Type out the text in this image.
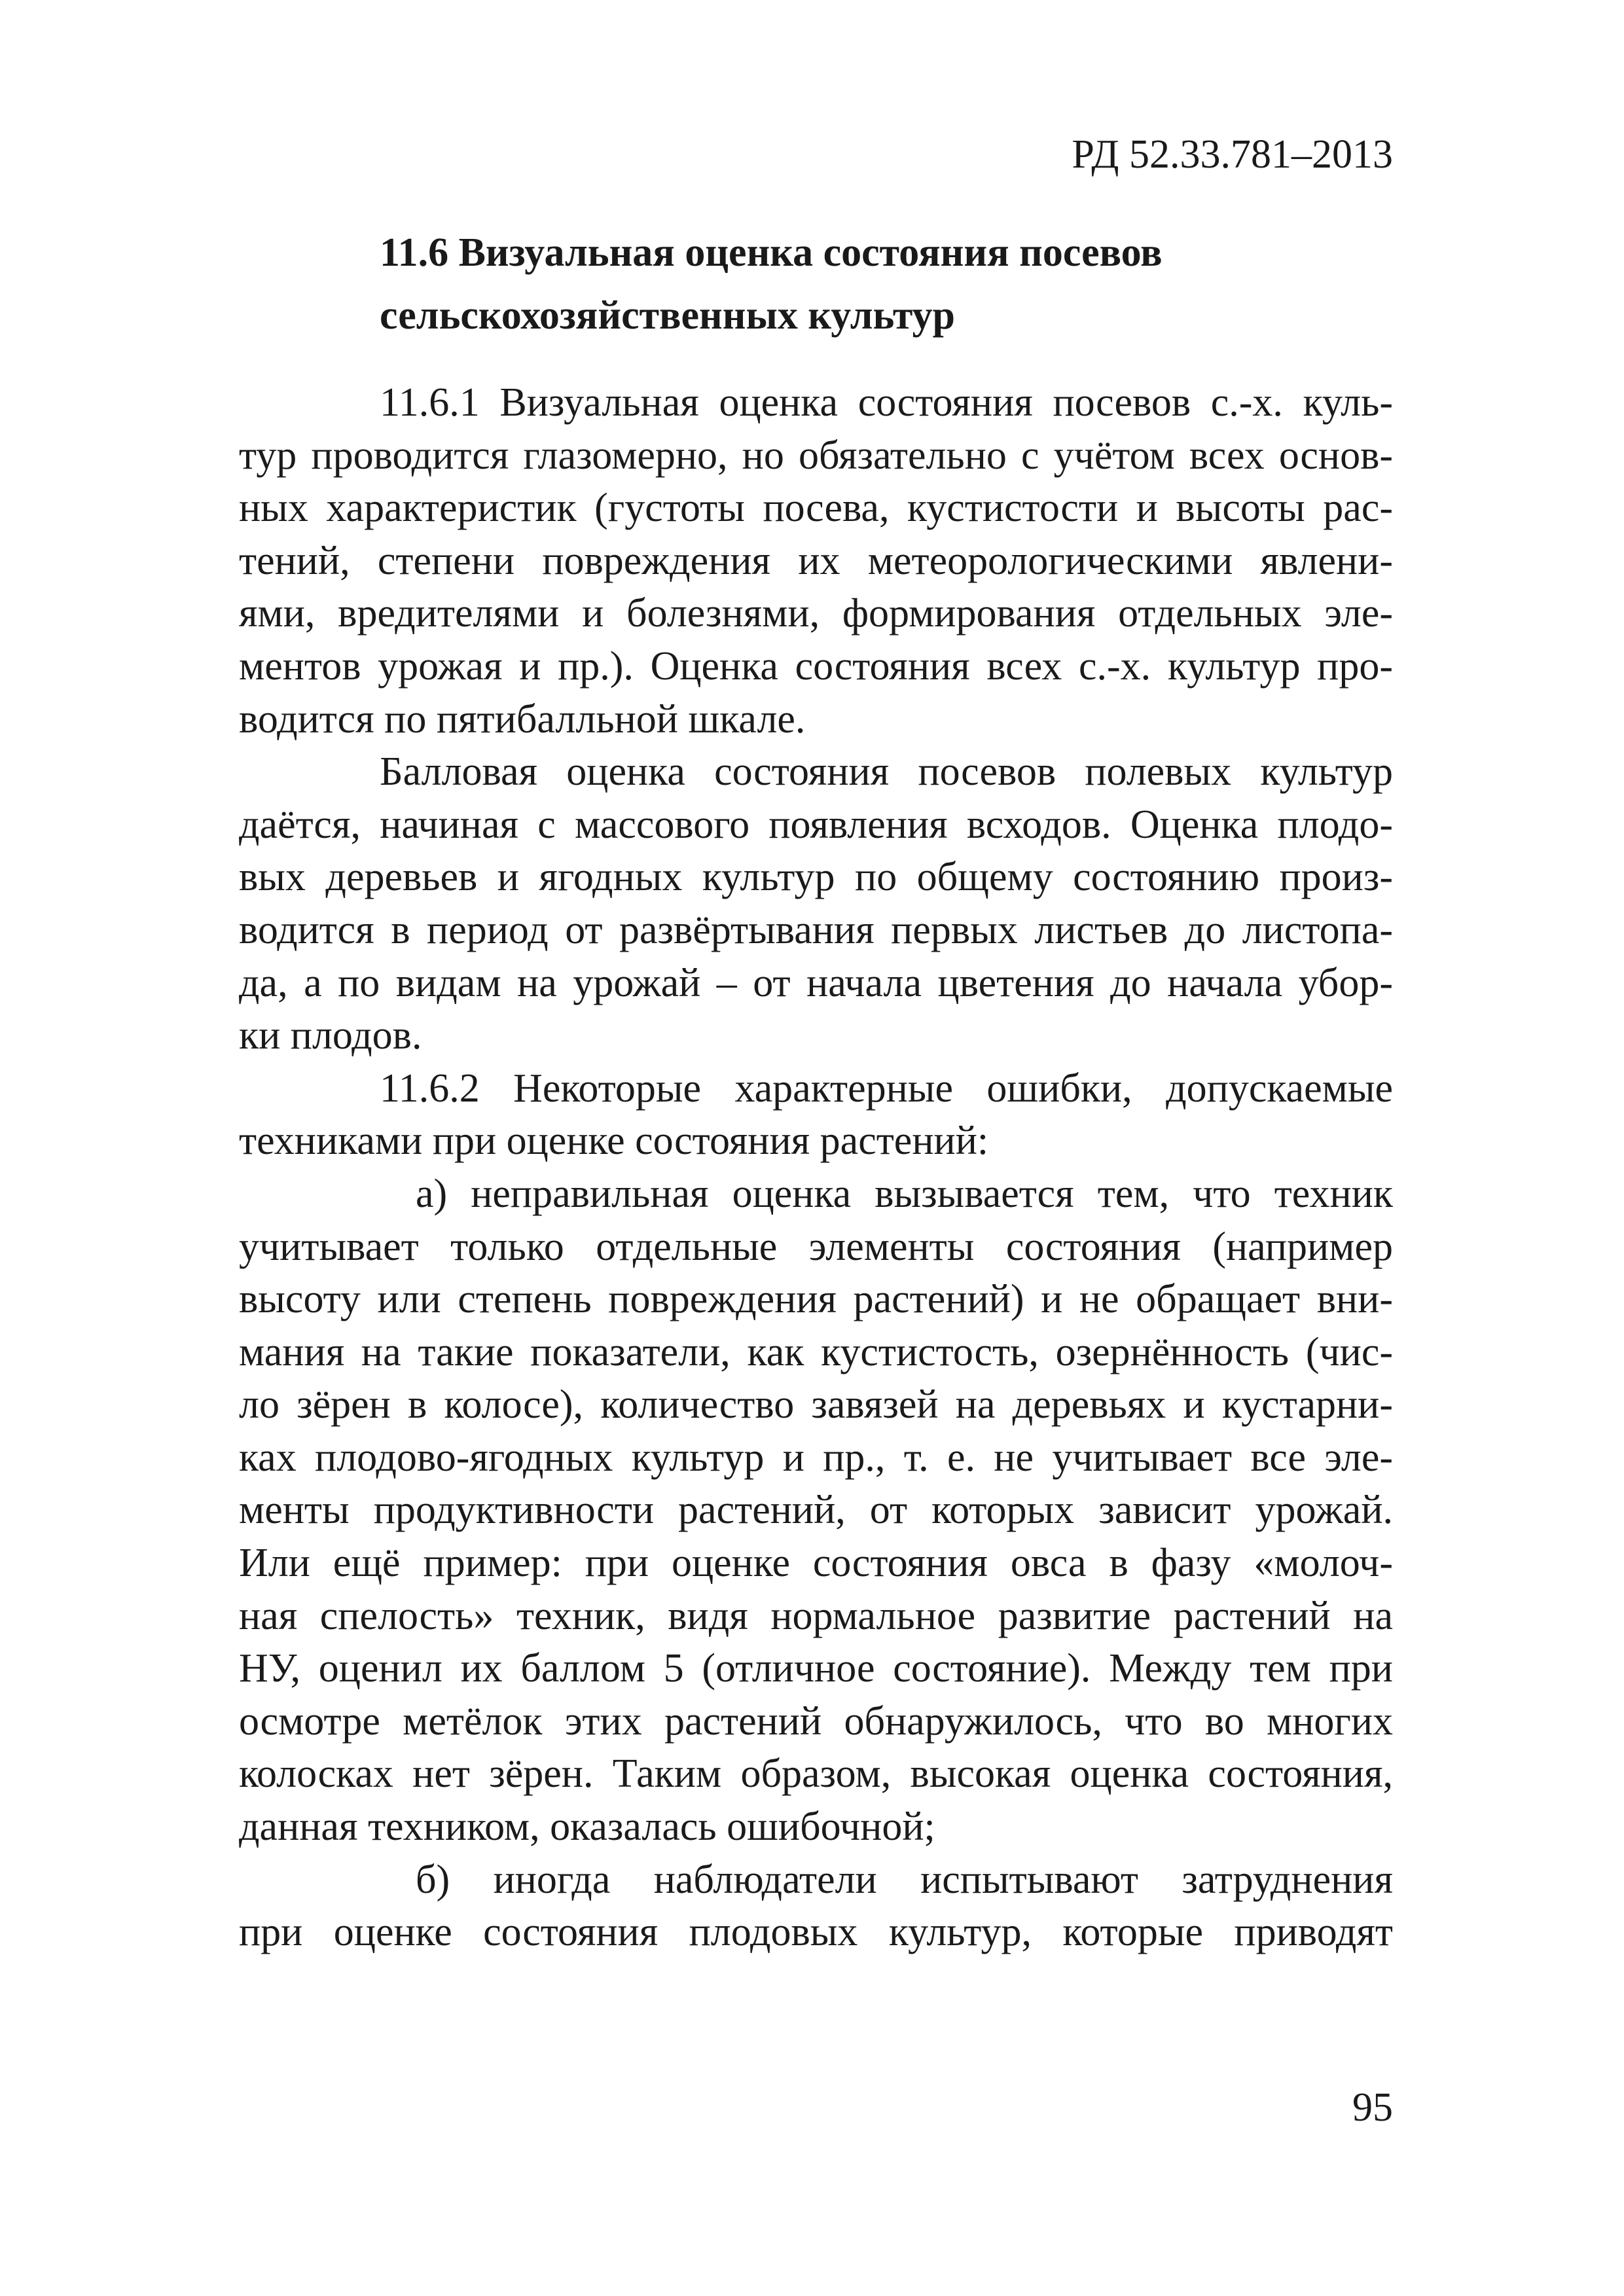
РД 52.33.781–2013
11.6 Визуальная оценка состояния посевов
сельскохозяйственных культур
11.6.1 Визуальная оценка состояния посевов с.-х. куль-
тур проводится глазомерно, но обязательно с учётом всех основ-
ных характеристик (густоты посева, кустистости и высоты рас-
тений, степени повреждения их метеорологическими явлени-
ями, вредителями и болезнями, формирования отдельных эле-
ментов урожая и пр.). Оценка состояния всех с.-х. культур про-
водится по пятибалльной шкале.
Балловая оценка состояния посевов полевых культур
даётся, начиная с массового появления всходов. Оценка плодо-
вых деревьев и ягодных культур по общему состоянию произ-
водится в период от развёртывания первых листьев до листопа-
да, а по видам на урожай – от начала цветения до начала убор-
ки плодов.
11.6.2 Некоторые характерные ошибки, допускаемые
техниками при оценке состояния растений:
а) неправильная оценка вызывается тем, что техник
учитывает только отдельные элементы состояния (например
высоту или степень повреждения растений) и не обращает вни-
мания на такие показатели, как кустистость, озернённость (чис-
ло зёрен в колосе), количество завязей на деревьях и кустарни-
ках плодово-ягодных культур и пр., т. е. не учитывает все эле-
менты продуктивности растений, от которых зависит урожай.
Или ещё пример: при оценке состояния овса в фазу «молоч-
ная спелость» техник, видя нормальное развитие растений на
НУ, оценил их баллом 5 (отличное состояние). Между тем при
осмотре метёлок этих растений обнаружилось, что во многих
колосках нет зёрен. Таким образом, высокая оценка состояния,
данная техником, оказалась ошибочной;
б) иногда наблюдатели испытывают затруднения
при оценке состояния плодовых культур, которые приводят
95
